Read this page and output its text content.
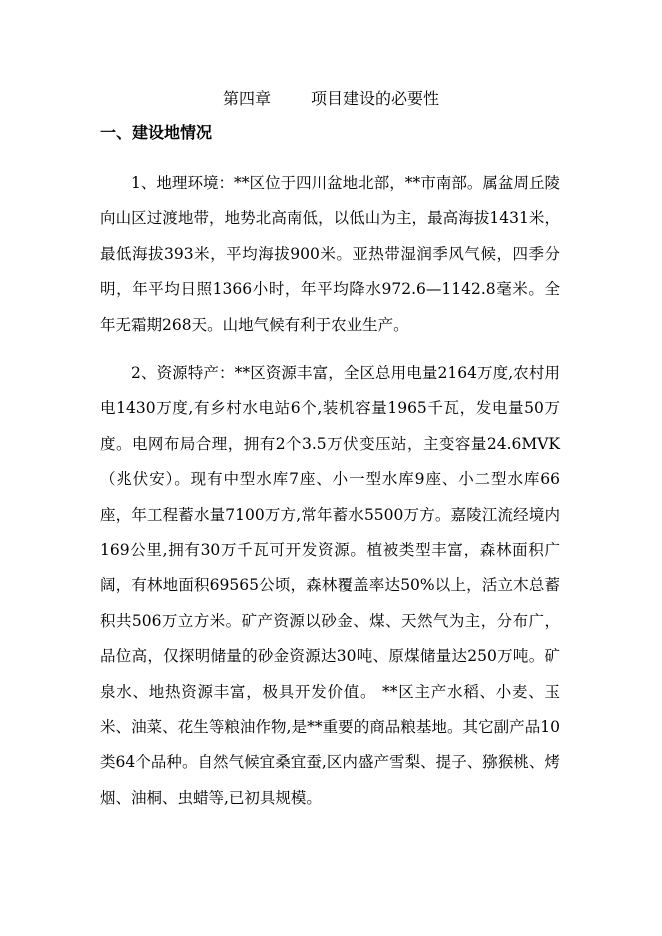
第四章	项目建设的必要性
一、建设地情况

1、地理环境：**区位于四川盆地北部，**市南部。属盆周丘陵向山区过渡地带，地势北高南低，以低山为主，最高海拔1431米，最低海拔393米，平均海拔900米。亚热带湿润季风气候，四季分明，年平均日照1366小时，年平均降水972.6—1142.8毫米。全年无霜期268天。山地气候有利于农业生产。

2、资源特产：**区资源丰富，全区总用电量2164万度,农村用电1430万度,有乡村水电站6个,装机容量1965千瓦，发电量50万度。电网布局合理，拥有2个3.5万伏变压站，主变容量24.6MVK（兆伏安）。现有中型水库7座、小一型水库9座、小二型水库66座，年工程蓄水量7100万方,常年蓄水5500万方。嘉陵江流经境内169公里,拥有30万千瓦可开发资源。植被类型丰富，森林面积广阔，有林地面积69565公顷，森林覆盖率达50%以上，活立木总蓄积共506万立方米。矿产资源以砂金、煤、天然气为主，分布广，品位高，仅探明储量的砂金资源达30吨、原煤储量达250万吨。矿泉水、地热资源丰富，极具开发价值。 **区主产水稻、小麦、玉米、油菜、花生等粮油作物,是**重要的商品粮基地。其它副产品10类64个品种。自然气候宜桑宜蚕,区内盛产雪梨、提子、猕猴桃、烤烟、油桐、虫蜡等,已初具规模。
